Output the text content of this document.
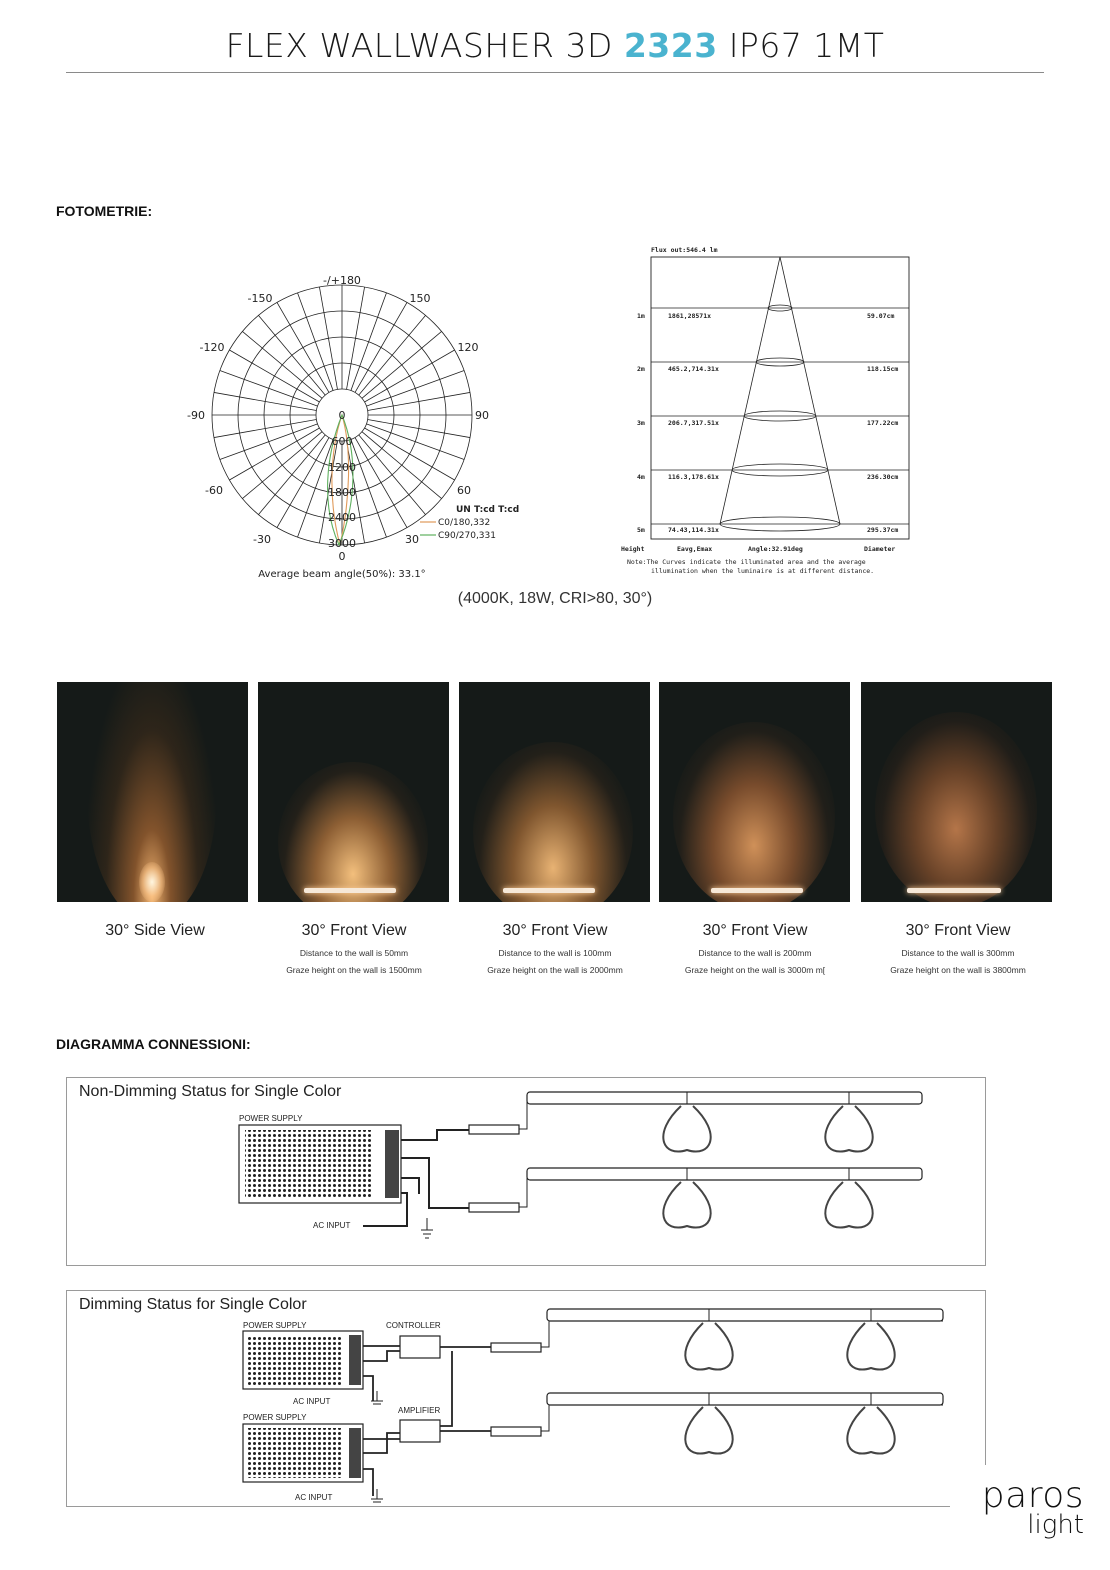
FLEX WALLWASHER 3D 2323 IP67 1MT
FOTOMETRIE:
-/+180
-150	150
-120	120
-90	90
-60	60
-30	30
0
0
600
1200
1800
2400
3000
UN T:cd T:cd
C0/180,332
C90/270,331
Average beam angle(50%): 33.1°
Flux out:546.4 lm
1m	1861,28571x	59.07cm
2m	465.2,714.31x	118.15cm
3m	206.7,317.51x	177.22cm
4m	116.3,178.61x	236.30cm
5m	74.43,114.31x	295.37cm
Height	Eavg,Emax	Angle:32.91deg	Diameter
Note:The Curves indicate the illuminated area and the average
illumination when the luminaire is at different distance.
(4000K, 18W, CRI>80, 30°)
30° Side View	30° Front View
Distance to the wall is 50mm
Graze height on the wall is 1500mm
30° Front View
Distance to the wall is 100mm
Graze height on the wall is 2000mm
30° Front View
Distance to the wall is 200mm
Graze height on the wall is 3000m m[
30° Front View
Distance to the wall is 300mm
Graze height on the wall is 3800mm
DIAGRAMMA CONNESSIONI:
Non-Dimming Status for Single Color
POWER SUPPLY
AC INPUT
Dimming Status for Single Color
POWER SUPPLY
AC INPUT
POWER SUPPLY
AC INPUT
CONTROLLER
AMPLIFIER
paros
light
